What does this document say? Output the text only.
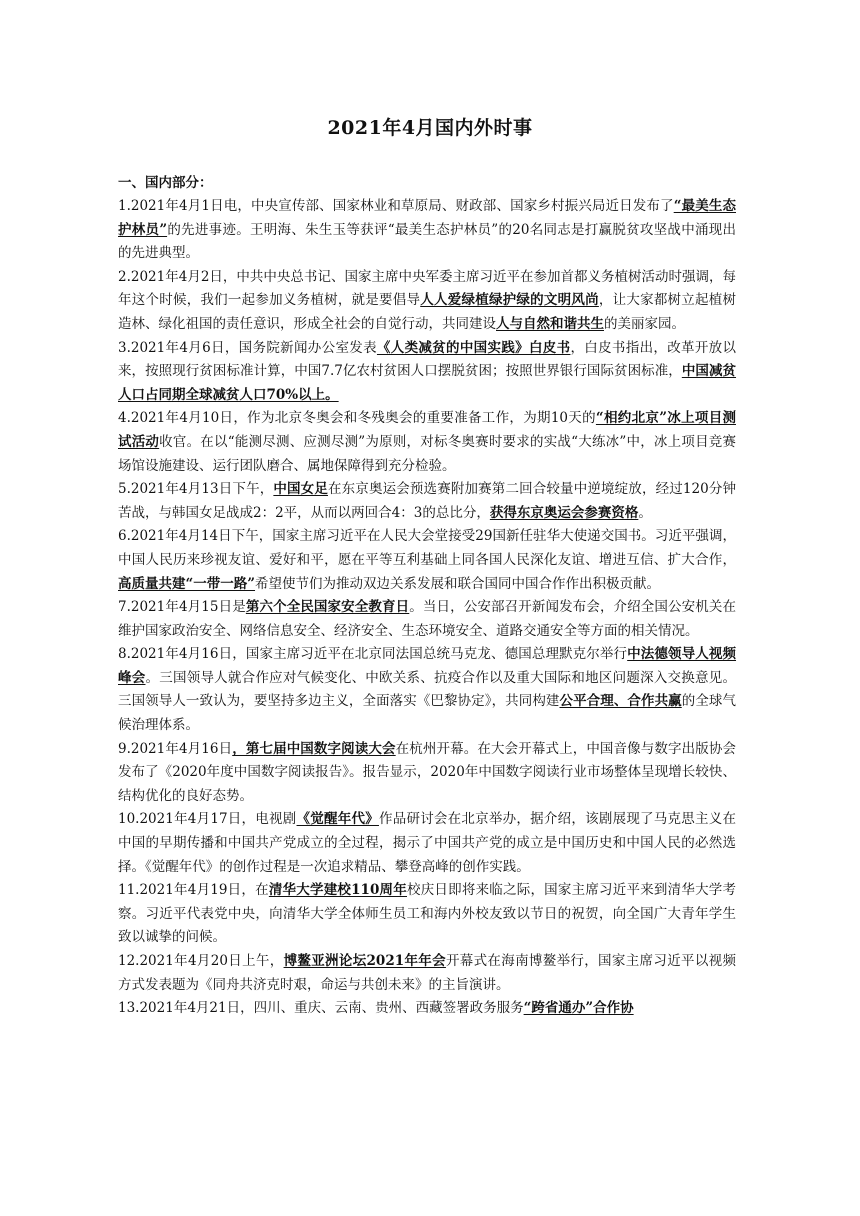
2021年4月国内外时事
一、国内部分：
1.2021年4月1日电，中央宣传部、国家林业和草原局、财政部、国家乡村振兴局近日发布了“最美生态护林员”的先进事迹。王明海、朱生玉等获评“最美生态护林员”的20名同志是打赢脱贫攻坚战中涌现出的先进典型。
2.2021年4月2日，中共中央总书记、国家主席中央军委主席习近平在参加首都义务植树活动时强调，每年这个时候，我们一起参加义务植树，就是要倡导人人爱绿植绿护绿的文明风尚，让大家都树立起植树造林、绿化祖国的责任意识，形成全社会的自觉行动，共同建设人与自然和谐共生的美丽家园。
3.2021年4月6日，国务院新闻办公室发表《人类减贫的中国实践》白皮书，白皮书指出，改革开放以来，按照现行贫困标准计算，中国7.7亿农村贫困人口摆脱贫困；按照世界银行国际贫困标准，中国减贫人口占同期全球减贫人口70%以上。
4.2021年4月10日，作为北京冬奥会和冬残奥会的重要准备工作，为期10天的“相约北京”冰上项目测试活动收官。在以“能测尽测、应测尽测”为原则，对标冬奥赛时要求的实战“大练冰”中，冰上项目竞赛场馆设施建设、运行团队磨合、属地保障得到充分检验。
5.2021年4月13日下午，中国女足在东京奥运会预选赛附加赛第二回合较量中逆境绽放，经过120分钟苦战，与韩国女足战成2：2平，从而以两回合4：3的总比分，获得东京奥运会参赛资格。
6.2021年4月14日下午，国家主席习近平在人民大会堂接受29国新任驻华大使递交国书。习近平强调，中国人民历来珍视友谊、爱好和平，愿在平等互利基础上同各国人民深化友谊、增进互信、扩大合作，高质量共建“一带一路”希望使节们为推动双边关系发展和联合国同中国合作作出积极贡献。
7.2021年4月15日是第六个全民国家安全教育日。当日，公安部召开新闻发布会，介绍全国公安机关在维护国家政治安全、网络信息安全、经济安全、生态环境安全、道路交通安全等方面的相关情况。
8.2021年4月16日，国家主席习近平在北京同法国总统马克龙、德国总理默克尔举行中法德领导人视频峰会。三国领导人就合作应对气候变化、中欧关系、抗疫合作以及重大国际和地区问题深入交换意见。三国领导人一致认为，要坚持多边主义，全面落实《巴黎协定》，共同构建公平合理、合作共赢的全球气候治理体系。
9.2021年4月16日，第七届中国数字阅读大会在杭州开幕。在大会开幕式上，中国音像与数字出版协会发布了《2020年度中国数字阅读报告》。报告显示，2020年中国数字阅读行业市场整体呈现增长较快、结构优化的良好态势。
10.2021年4月17日，电视剧《觉醒年代》作品研讨会在北京举办，据介绍，该剧展现了马克思主义在中国的早期传播和中国共产党成立的全过程，揭示了中国共产党的成立是中国历史和中国人民的必然选择。《觉醒年代》的创作过程是一次追求精品、攀登高峰的创作实践。
11.2021年4月19日，在清华大学建校110周年校庆日即将来临之际，国家主席习近平来到清华大学考察。习近平代表党中央，向清华大学全体师生员工和海内外校友致以节日的祝贺，向全国广大青年学生致以诚挚的问候。
12.2021年4月20日上午，博鳌亚洲论坛2021年年会开幕式在海南博鳌举行，国家主席习近平以视频方式发表题为《同舟共济克时艰，命运与共创未来》的主旨演讲。
13.2021年4月21日，四川、重庆、云南、贵州、西藏签署政务服务“跨省通办”合作协
